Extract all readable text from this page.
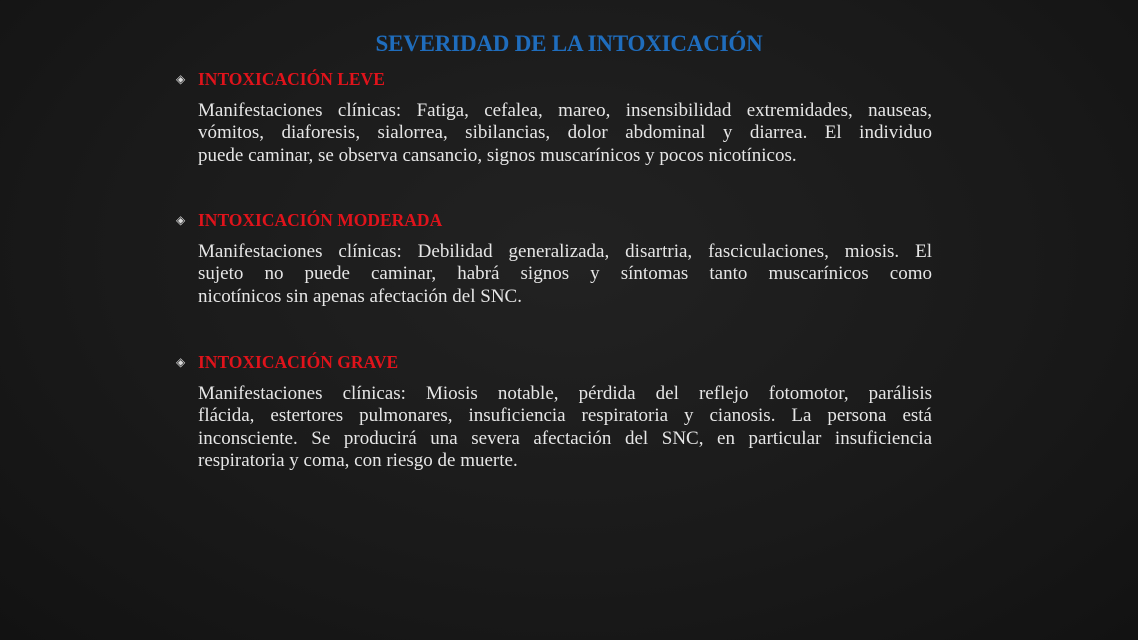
SEVERIDAD DE LA INTOXICACIÓN
◈ INTOXICACIÓN LEVE
Manifestaciones clínicas: Fatiga, cefalea, mareo, insensibilidad extremidades, nauseas,
vómitos, diaforesis, sialorrea, sibilancias, dolor abdominal y diarrea. El individuo
puede caminar, se observa cansancio, signos muscarínicos y pocos nicotínicos.
◈ INTOXICACIÓN MODERADA
Manifestaciones clínicas: Debilidad generalizada, disartria, fasciculaciones, miosis. El
sujeto no puede caminar, habrá signos y síntomas tanto muscarínicos como
nicotínicos sin apenas afectación del SNC.
◈ INTOXICACIÓN GRAVE
Manifestaciones clínicas: Miosis notable, pérdida del reflejo fotomotor, parálisis
flácida, estertores pulmonares, insuficiencia respiratoria y cianosis. La persona está
inconsciente. Se producirá una severa afectación del SNC, en particular insuficiencia
respiratoria y coma, con riesgo de muerte.
